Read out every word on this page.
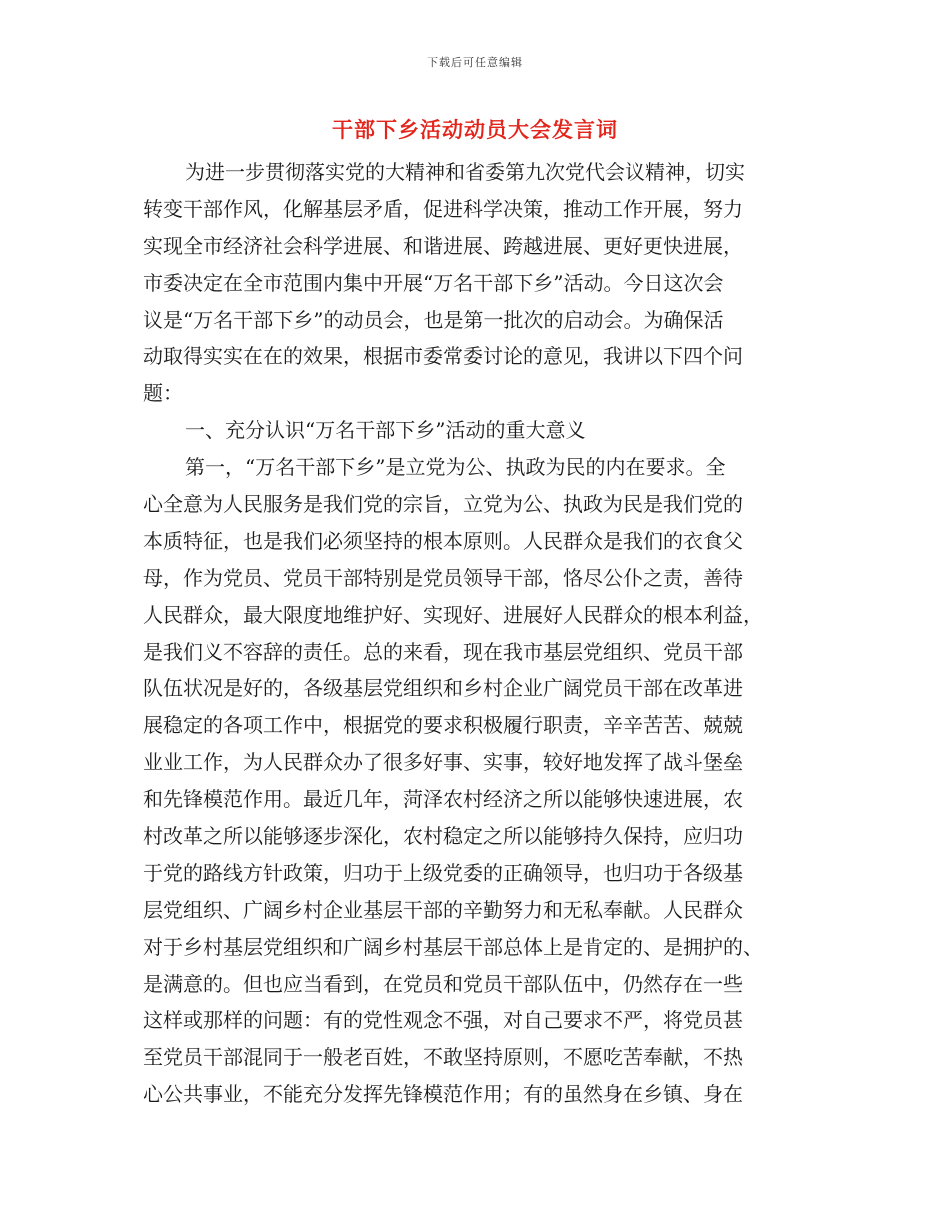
下载后可任意编辑
干部下乡活动动员大会发言词
为进一步贯彻落实党的大精神和省委第九次党代会议精神，切实
转变干部作风，化解基层矛盾，促进科学决策，推动工作开展，努力
实现全市经济社会科学进展、和谐进展、跨越进展、更好更快进展，
市委决定在全市范围内集中开展“万名干部下乡”活动。今日这次会
议是“万名干部下乡”的动员会，也是第一批次的启动会。为确保活
动取得实实在在的效果，根据市委常委讨论的意见，我讲以下四个问
题：
一、充分认识“万名干部下乡”活动的重大意义
第一，“万名干部下乡”是立党为公、执政为民的内在要求。全
心全意为人民服务是我们党的宗旨，立党为公、执政为民是我们党的
本质特征，也是我们必须坚持的根本原则。人民群众是我们的衣食父
母，作为党员、党员干部特别是党员领导干部，恪尽公仆之责，善待
人民群众，最大限度地维护好、实现好、进展好人民群众的根本利益，
是我们义不容辞的责任。总的来看，现在我市基层党组织、党员干部
队伍状况是好的，各级基层党组织和乡村企业广阔党员干部在改革进
展稳定的各项工作中，根据党的要求积极履行职责，辛辛苦苦、兢兢
业业工作，为人民群众办了很多好事、实事，较好地发挥了战斗堡垒
和先锋模范作用。最近几年，菏泽农村经济之所以能够快速进展，农
村改革之所以能够逐步深化，农村稳定之所以能够持久保持，应归功
于党的路线方针政策，归功于上级党委的正确领导，也归功于各级基
层党组织、广阔乡村企业基层干部的辛勤努力和无私奉献。人民群众
对于乡村基层党组织和广阔乡村基层干部总体上是肯定的、是拥护的、
是满意的。但也应当看到，在党员和党员干部队伍中，仍然存在一些
这样或那样的问题：有的党性观念不强，对自己要求不严，将党员甚
至党员干部混同于一般老百姓，不敢坚持原则，不愿吃苦奉献，不热
心公共事业，不能充分发挥先锋模范作用；有的虽然身在乡镇、身在
